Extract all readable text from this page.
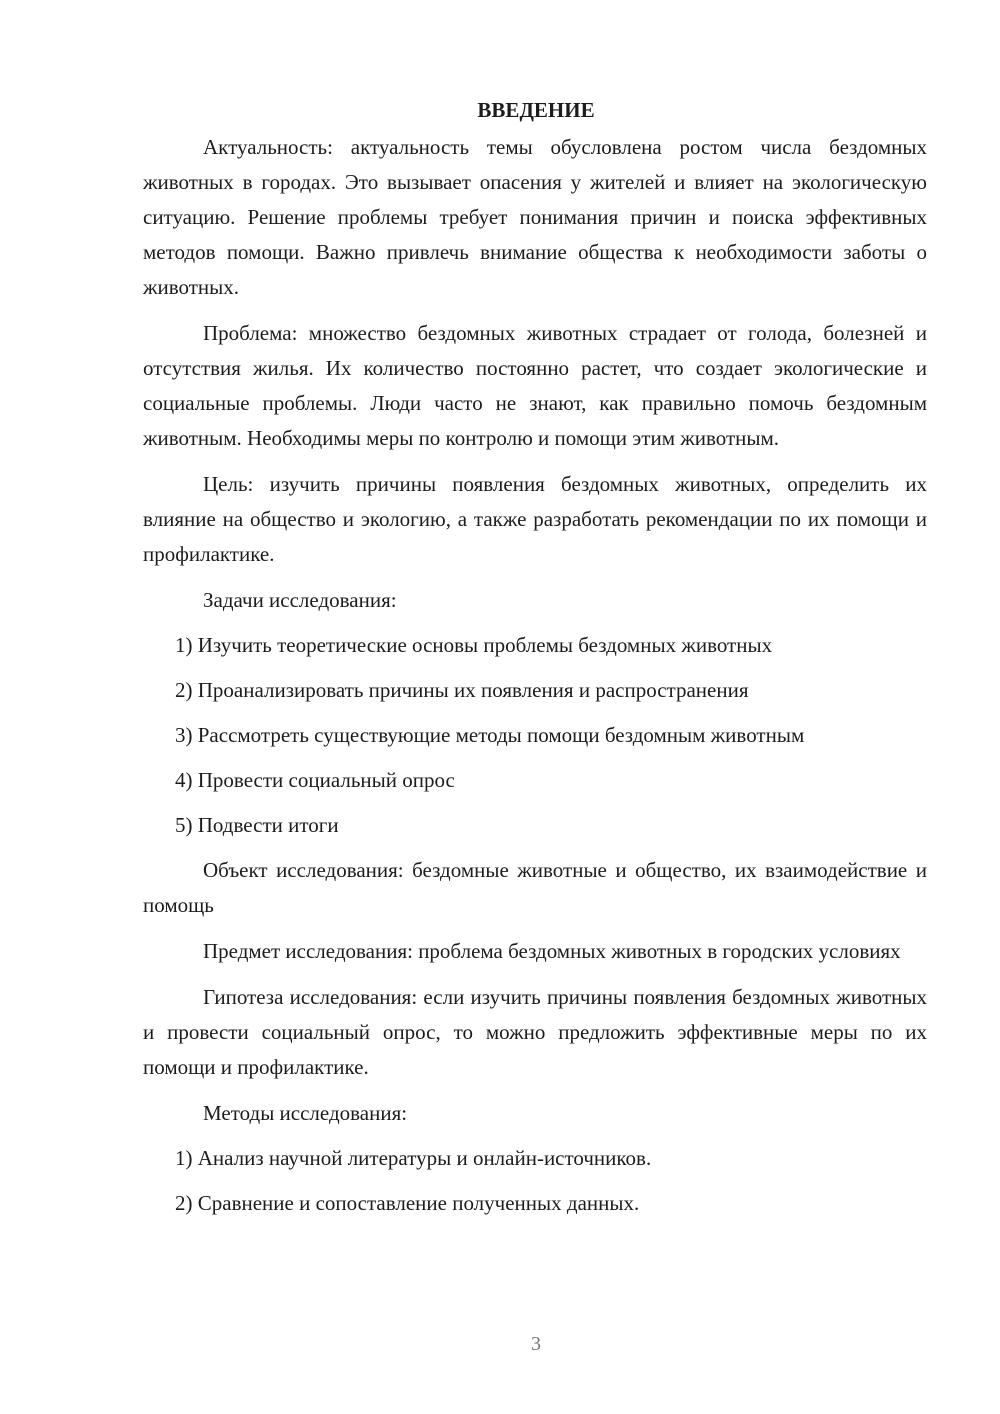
ВВЕДЕНИЕ

Актуальность: актуальность темы обусловлена ростом числа бездомных животных в городах. Это вызывает опасения у жителей и влияет на экологическую ситуацию. Решение проблемы требует понимания причин и поиска эффективных методов помощи. Важно привлечь внимание общества к необходимости заботы о животных.

Проблема: множество бездомных животных страдает от голода, болезней и отсутствия жилья. Их количество постоянно растет, что создает экологические и социальные проблемы. Люди часто не знают, как правильно помочь бездомным животным. Необходимы меры по контролю и помощи этим животным.

Цель: изучить причины появления бездомных животных, определить их влияние на общество и экологию, а также разработать рекомендации по их помощи и профилактике.

Задачи исследования:

1) Изучить теоретические основы проблемы бездомных животных

2) Проанализировать причины их появления и распространения

3) Рассмотреть существующие методы помощи бездомным животным

4) Провести социальный опрос

5) Подвести итоги

Объект исследования: бездомные животные и общество, их взаимодействие и помощь

Предмет исследования: проблема бездомных животных в городских условиях

Гипотеза исследования: если изучить причины появления бездомных животных и провести социальный опрос, то можно предложить эффективные меры по их помощи и профилактике.

Методы исследования:

1) Анализ научной литературы и онлайн-источников.

2) Сравнение и сопоставление полученных данных.

3
